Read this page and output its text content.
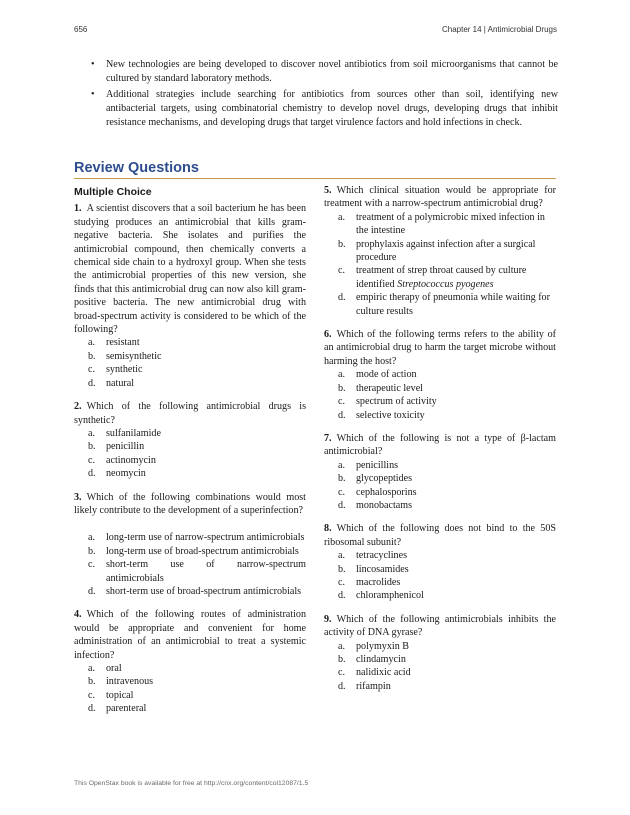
656	Chapter 14 | Antimicrobial Drugs
• New technologies are being developed to discover novel antibiotics from soil microorganisms that cannot be cultured by standard laboratory methods.
• Additional strategies include searching for antibiotics from sources other than soil, identifying new antibacterial targets, using combinatorial chemistry to develop novel drugs, developing drugs that inhibit resistance mechanisms, and developing drugs that target virulence factors and hold infections in check.
Review Questions
Multiple Choice

1. A scientist discovers that a soil bacterium he has been studying produces an antimicrobial that kills gram-negative bacteria. She isolates and purifies the antimicrobial compound, then chemically converts a chemical side chain to a hydroxyl group. When she tests the antimicrobial properties of this new version, she finds that this antimicrobial drug can now also kill gram-positive bacteria. The new antimicrobial drug with broad-spectrum activity is considered to be which of the following?

a. resistant
b. semisynthetic
c. synthetic
d. natural

2. Which of the following antimicrobial drugs is synthetic?

a. sulfanilamide
b. penicillin
c. actinomycin
d. neomycin

3. Which of the following combinations would most likely contribute to the development of a superinfection?

a. long-term use of narrow-spectrum antimicrobials
b. long-term use of broad-spectrum antimicrobials
c. short-term use of narrow-spectrum antimicrobials
d. short-term use of broad-spectrum antimicrobials

4. Which of the following routes of administration would be appropriate and convenient for home administration of an antimicrobial to treat a systemic infection?

a. oral
b. intravenous
c. topical
d. parenteral

5. Which clinical situation would be appropriate for treatment with a narrow-spectrum antimicrobial drug?

a. treatment of a polymicrobic mixed infection in the intestine
b. prophylaxis against infection after a surgical procedure
c. treatment of strep throat caused by culture identified Streptococcus pyogenes
d. empiric therapy of pneumonia while waiting for culture results

6. Which of the following terms refers to the ability of an antimicrobial drug to harm the target microbe without harming the host?

a. mode of action
b. therapeutic level
c. spectrum of activity
d. selective toxicity

7. Which of the following is not a type of β-lactam antimicrobial?

a. penicillins
b. glycopeptides
c. cephalosporins
d. monobactams

8. Which of the following does not bind to the 50S ribosomal subunit?

a. tetracyclines
b. lincosamides
c. macrolides
d. chloramphenicol

9. Which of the following antimicrobials inhibits the activity of DNA gyrase?

a. polymyxin B
b. clindamycin
c. nalidixic acid
d. rifampin
This OpenStax book is available for free at http://cnx.org/content/col12087/1.5
